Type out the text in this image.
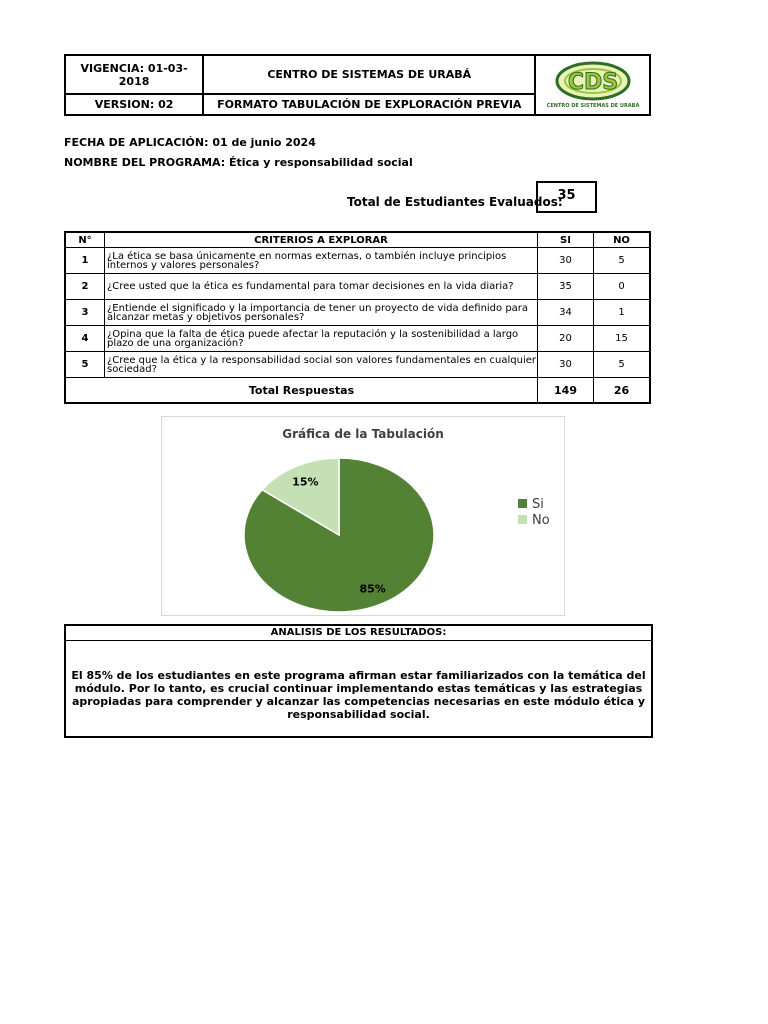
VIGENCIA: 01-03-2018	CENTRO DE SISTEMAS DE URABÁ	CDS
CENTRO DE SISTEMAS DE URABÁ

VERSION: 02	FORMATO TABULACIÓN DE EXPLORACIÓN PREVIA	
FECHA DE APLICACIÓN: 01 de junio 2024
NOMBRE DEL PROGRAMA: Ética y responsabilidad social
Total de Estudiantes Evaluados:
35
N°	CRITERIOS A EXPLORAR	SI	NO
1	¿La ética se basa únicamente en normas externas, o también incluye principios internos y valores personales?	30	5
2	¿Cree usted que la ética es fundamental para tomar decisiones en la vida diaria?	35	0
3	¿Entiende el significado y la importancia de tener un proyecto de vida definido para alcanzar metas y objetivos personales?	34	1
4	¿Opina que la falta de ética puede afectar la reputación y la sostenibilidad a largo plazo de una organización?	20	15
5	¿Cree que la ética y la responsabilidad social son valores fundamentales en cualquier sociedad?	30	5
Total Respuestas		149	26
Gráfica de la Tabulación
85%
15%
Si
No
ANALISIS DE LOS RESULTADOS:
El 85% de los estudiantes en este programa afirman estar familiarizados con la temática del módulo. Por lo tanto, es crucial continuar implementando estas temáticas y las estrategias apropiadas para comprender y alcanzar las competencias necesarias en este módulo ética y responsabilidad social.
